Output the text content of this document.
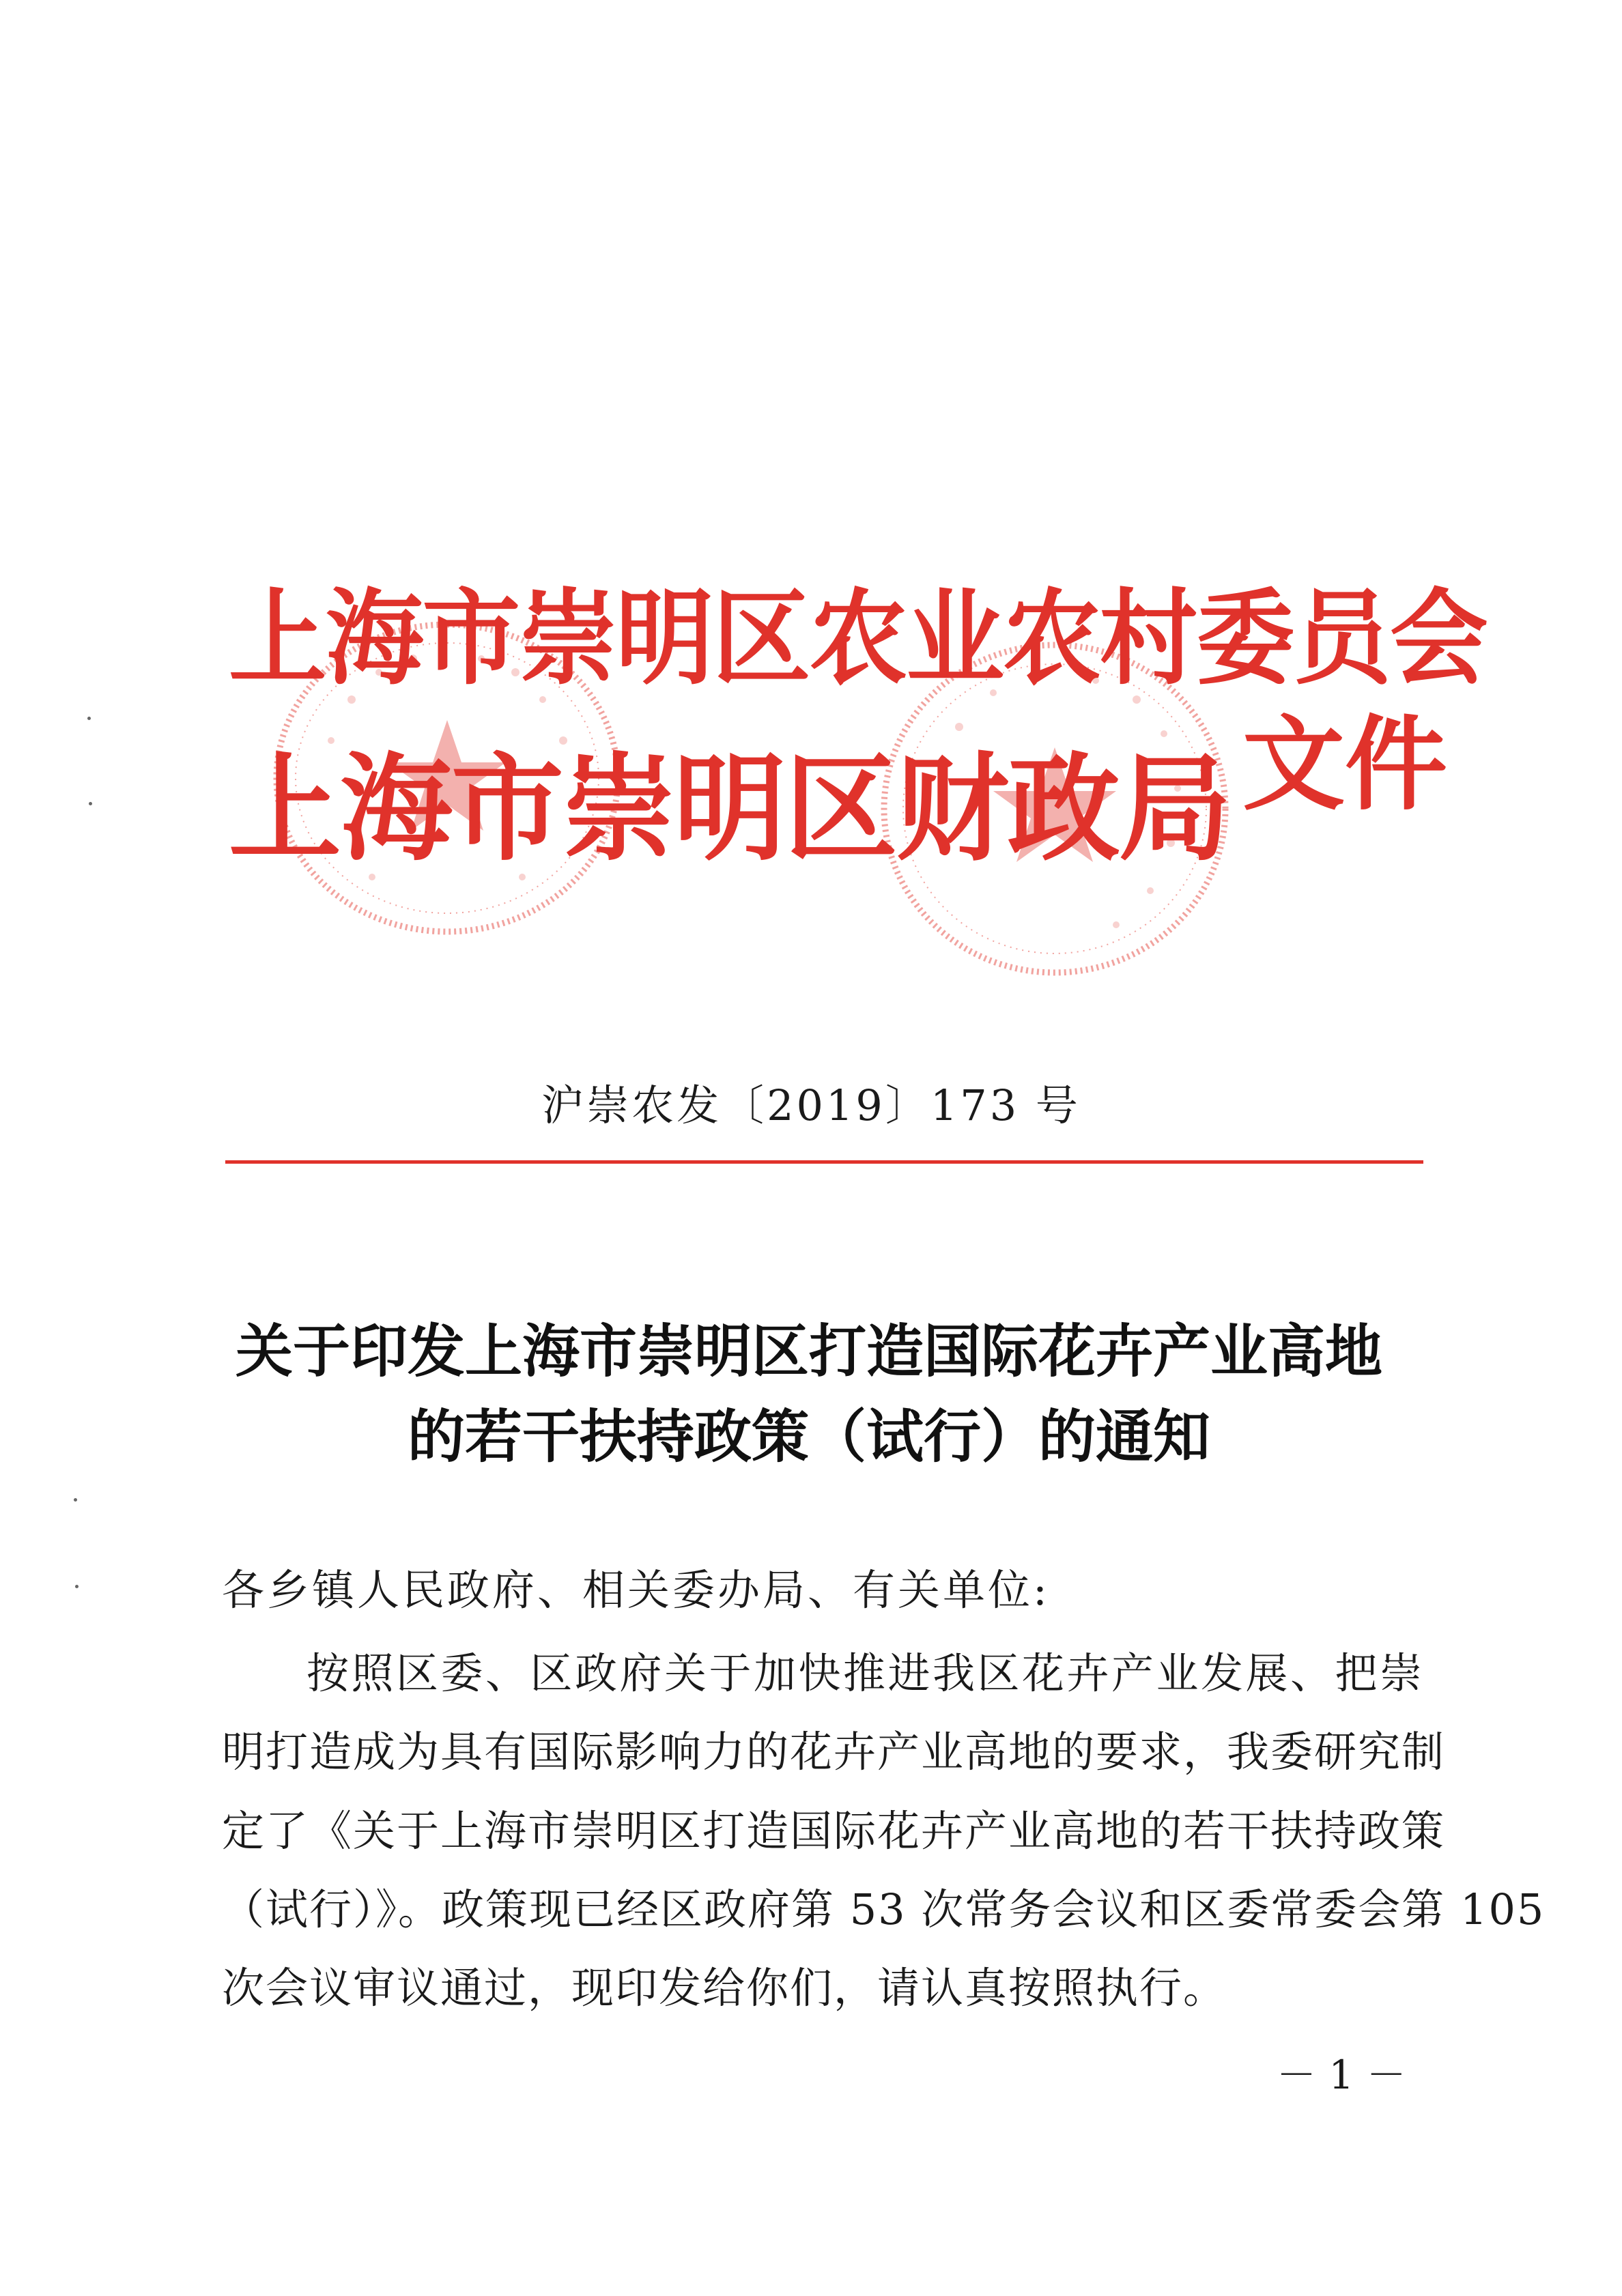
上海市崇明区农业农村委员会
上海市崇明区财政局 文件
沪崇农发〔2019〕173 号
关于印发上海市崇明区打造国际花卉产业高地
的若干扶持政策（试行）的通知
各乡镇人民政府、相关委办局、有关单位:
按照区委、区政府关于加快推进我区花卉产业发展、把崇
明打造成为具有国际影响力的花卉产业高地的要求，我委研究制
定了《关于上海市崇明区打造国际花卉产业高地的若干扶持政策
（试行）》。政策现已经区政府第 53 次常务会议和区委常委会第 105
次会议审议通过，现印发给你们，请认真按照执行。
－ 1 －
